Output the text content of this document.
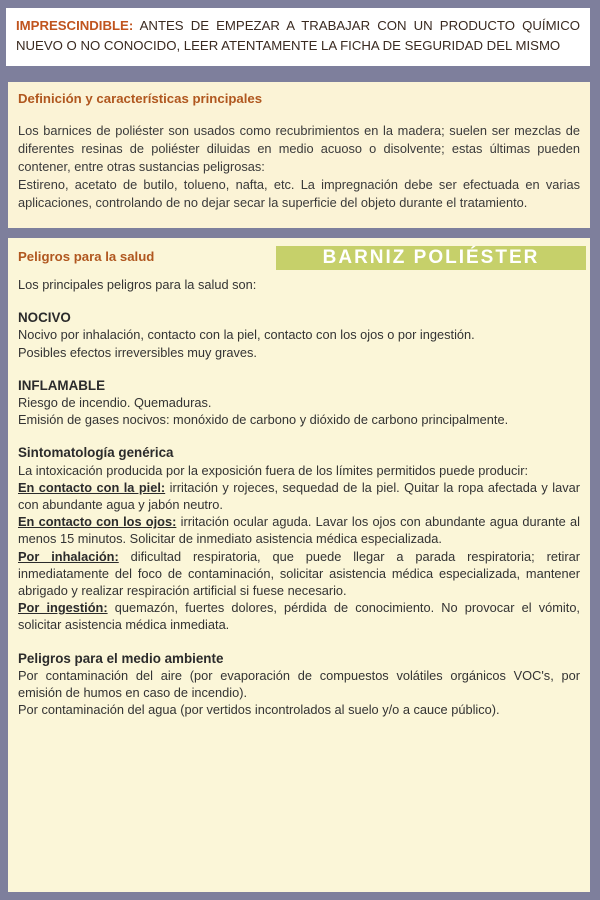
IMPRESCINDIBLE: ANTES DE EMPEZAR A TRABAJAR CON UN PRODUCTO QUÍMICO NUEVO O NO CONOCIDO, LEER ATENTAMENTE LA FICHA DE SEGURIDAD DEL MISMO
Definición y características principales

Los barnices de poliéster son usados como recubrimientos en la madera; suelen ser mezclas de diferentes resinas de poliéster diluidas en medio acuoso o disolvente; estas últimas pueden contener, entre otras sustancias peligrosas:

Estireno, acetato de butilo, tolueno, nafta, etc. La impregnación debe ser efectuada en varias aplicaciones, controlando de no dejar secar la superficie del objeto durante el tratamiento.

BARNIZ POLIÉSTER
Peligros para la salud

Los principales peligros para la salud son:

NOCIVO

Nocivo por inhalación, contacto con la piel, contacto con los ojos o por ingestión.

Posibles efectos irreversibles muy graves.

INFLAMABLE

Riesgo de incendio. Quemaduras.

Emisión de gases nocivos: monóxido de carbono y dióxido de carbono principalmente.

Sintomatología genérica

La intoxicación producida por la exposición fuera de los límites permitidos puede producir:

En contacto con la piel: irritación y rojeces, sequedad de la piel. Quitar la ropa afectada y lavar con abundante agua y jabón neutro.

En contacto con los ojos: irritación ocular aguda. Lavar los ojos con abundante agua durante al menos 15 minutos. Solicitar de inmediato asistencia médica especializada.

Por inhalación: dificultad respiratoria, que puede llegar a parada respiratoria; retirar inmediatamente del foco de contaminación, solicitar asistencia médica especializada, mantener abrigado y realizar respiración artificial si fuese necesario.

Por ingestión: quemazón, fuertes dolores, pérdida de conocimiento. No provocar el vómito, solicitar asistencia médica inmediata.

Peligros para el medio ambiente

Por contaminación del aire (por evaporación de compuestos volátiles orgánicos VOC's, por emisión de humos en caso de incendio).

Por contaminación del agua (por vertidos incontrolados al suelo y/o a cauce público).
